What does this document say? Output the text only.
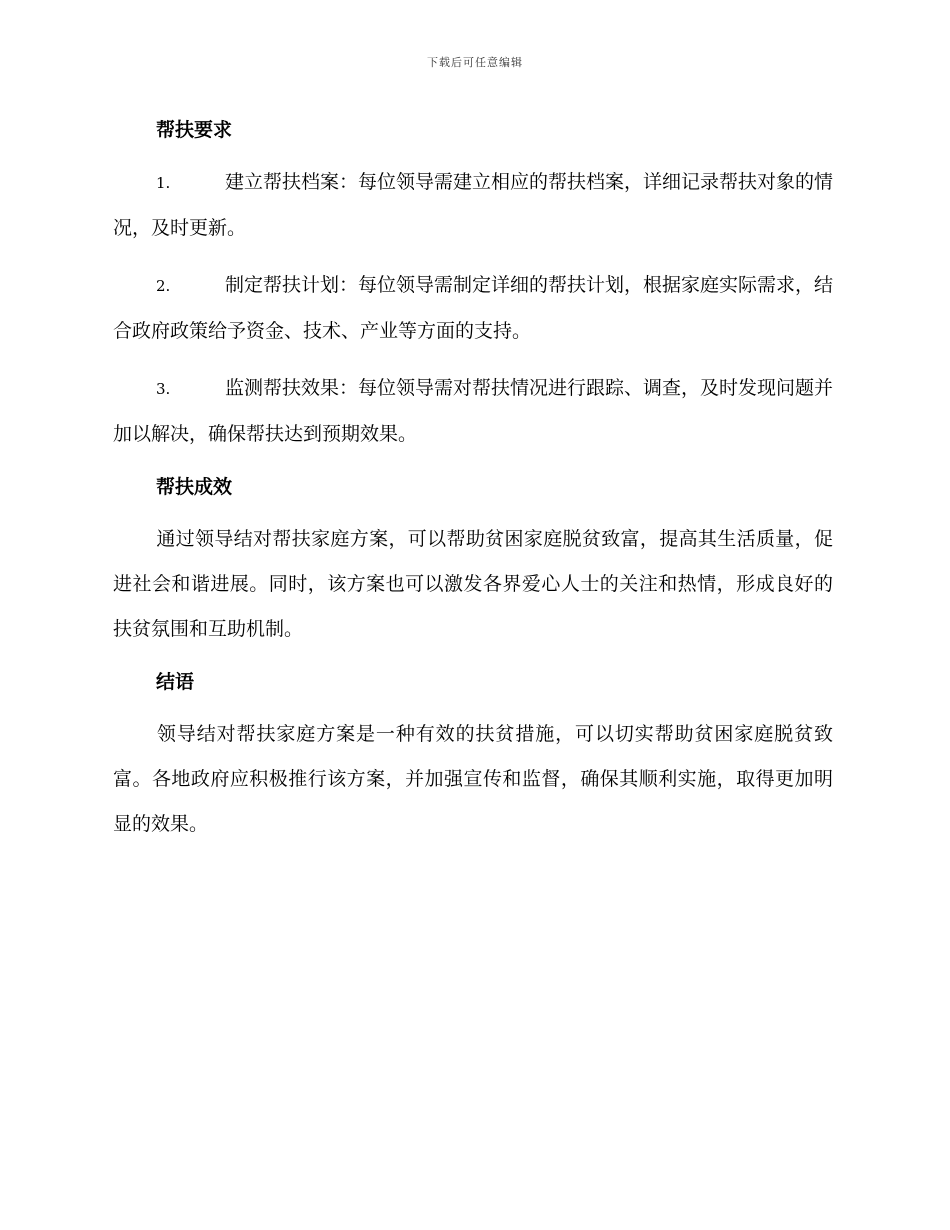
下载后可任意编辑
帮扶要求

1.	建立帮扶档案：每位领导需建立相应的帮扶档案，详细记录帮扶对象的情况，及时更新。

2.	制定帮扶计划：每位领导需制定详细的帮扶计划，根据家庭实际需求，结合政府政策给予资金、技术、产业等方面的支持。

3.	监测帮扶效果：每位领导需对帮扶情况进行跟踪、调查，及时发现问题并加以解决，确保帮扶达到预期效果。

帮扶成效

通过领导结对帮扶家庭方案，可以帮助贫困家庭脱贫致富，提高其生活质量，促进社会和谐进展。同时，该方案也可以激发各界爱心人士的关注和热情，形成良好的扶贫氛围和互助机制。

结语

领导结对帮扶家庭方案是一种有效的扶贫措施，可以切实帮助贫困家庭脱贫致富。各地政府应积极推行该方案，并加强宣传和监督，确保其顺利实施，取得更加明显的效果。
